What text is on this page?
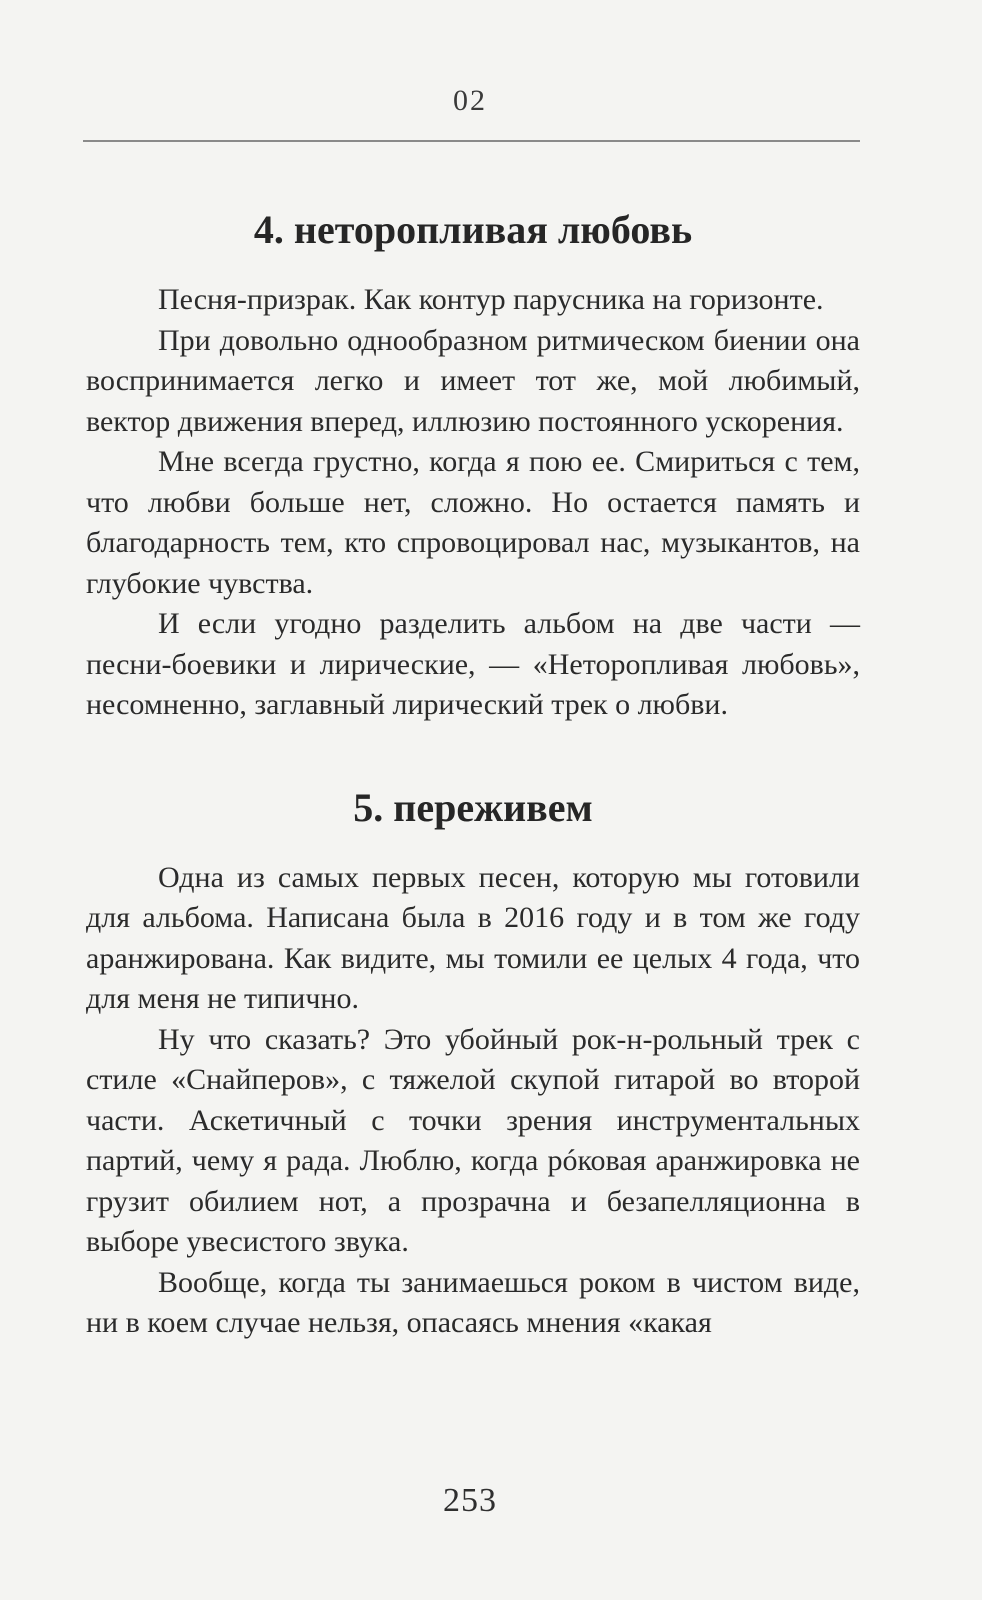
02
4. неторопливая любовь

Песня-призрак. Как контур парусника на горизонте.

При довольно однообразном ритмическом биении она воспринимается легко и имеет тот же, мой любимый, вектор движения вперед, иллюзию постоянного ускорения.

Мне всегда грустно, когда я пою ее. Смириться с тем, что любви больше нет, сложно. Но остается память и благодарность тем, кто спровоцировал нас, музыкантов, на глубокие чувства.

И если угодно разделить альбом на две части — песни-боевики и лирические, — «Неторопливая любовь», несомненно, заглавный лирический трек о любви.

5. переживем

Одна из самых первых песен, которую мы готовили для альбома. Написана была в 2016 году и в том же году аранжирована. Как видите, мы томили ее целых 4 года, что для меня не типично.

Ну что сказать? Это убойный рок-н-рольный трек с стиле «Снайперов», с тяжелой скупой гитарой во второй части. Аскетичный с точки зрения инструментальных партий, чему я рада. Люблю, когда рóковая аранжировка не грузит обилием нот, а прозрачна и безапелляционна в выборе увесистого звука.

Вообще, когда ты занимаешься роком в чистом виде, ни в коем случае нельзя, опасаясь мнения «какая

253
